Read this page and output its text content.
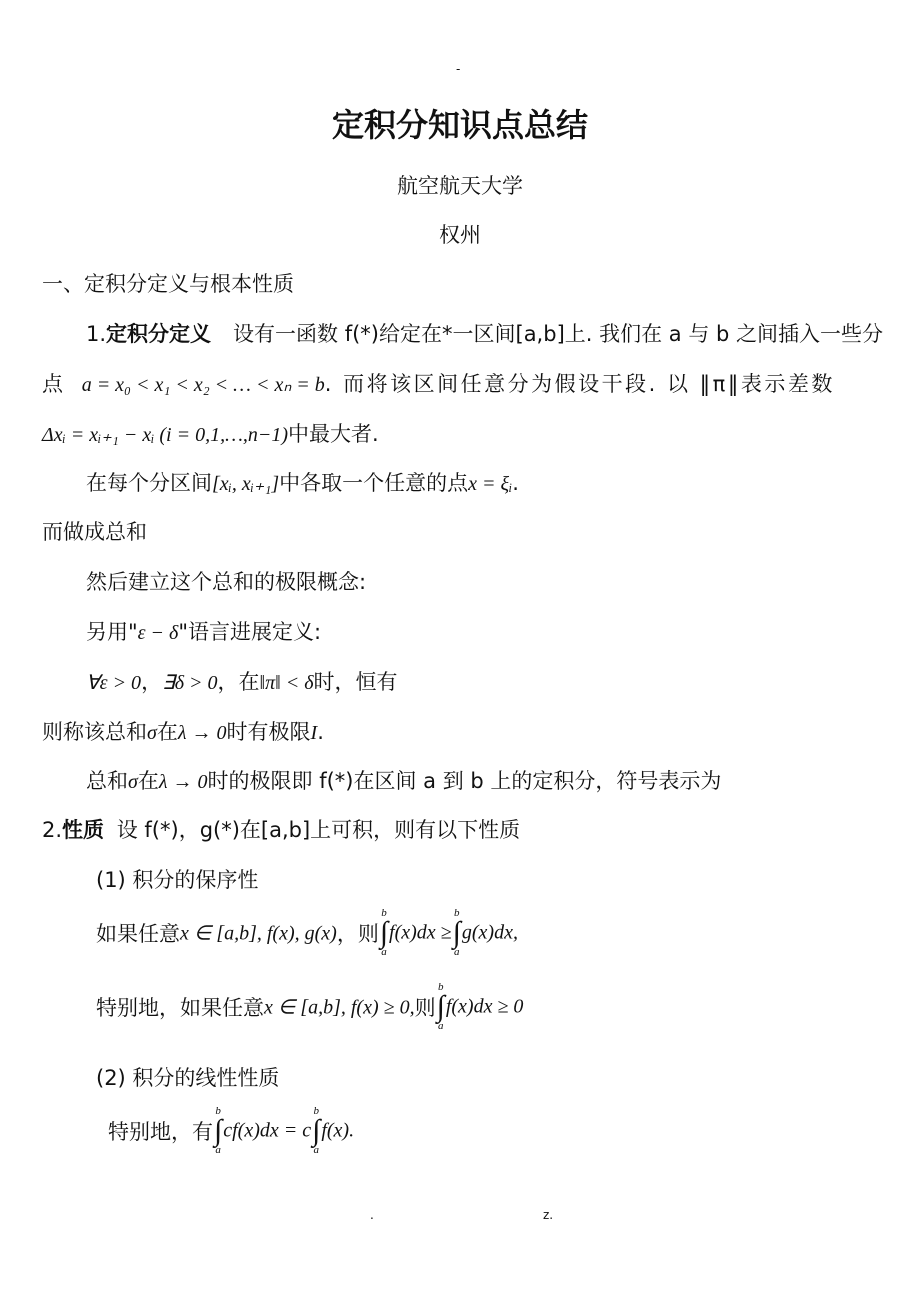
-
定积分知识点总结
航空航天大学
权州
一、定积分定义与根本性质
1.定积分定义 设有一函数 f(*)给定在*一区间[a,b]上. 我们在 a 与 b 之间插入一些分
点 a = x₀ < x₁ < x₂ < … < xₙ = b. 而将该区间任意分为假设干段. 以 ‖π‖表示差数
Δxᵢ = xᵢ₊₁ − xᵢ (i = 0,1,…,n−1)中最大者.
在每个分区间[xᵢ, xᵢ₊₁]中各取一个任意的点x = ξᵢ.
而做成总和
然后建立这个总和的极限概念:
另用"ε − δ"语言进展定义:
∀ε > 0，∃δ > 0，在‖π‖ < δ时，恒有
则称该总和σ在λ → 0时有极限I.
总和σ在λ → 0时的极限即 f(*)在区间 a 到 b 上的定积分，符号表示为
2.性质 设 f(*)，g(*)在[a,b]上可积，则有以下性质
(1) 积分的保序性
如果任意x ∈ [a,b], f(x), g(x)，则
b
∫
a
f(x)dx ≥
b
∫
a
g(x)dx,
特别地，如果任意x ∈ [a,b], f(x) ≥ 0,则
b
∫
a
f(x)dx ≥ 0
(2) 积分的线性性质
特别地，有
b
∫
a
cf(x)dx = c
b
∫
a
f(x).
.	z.
